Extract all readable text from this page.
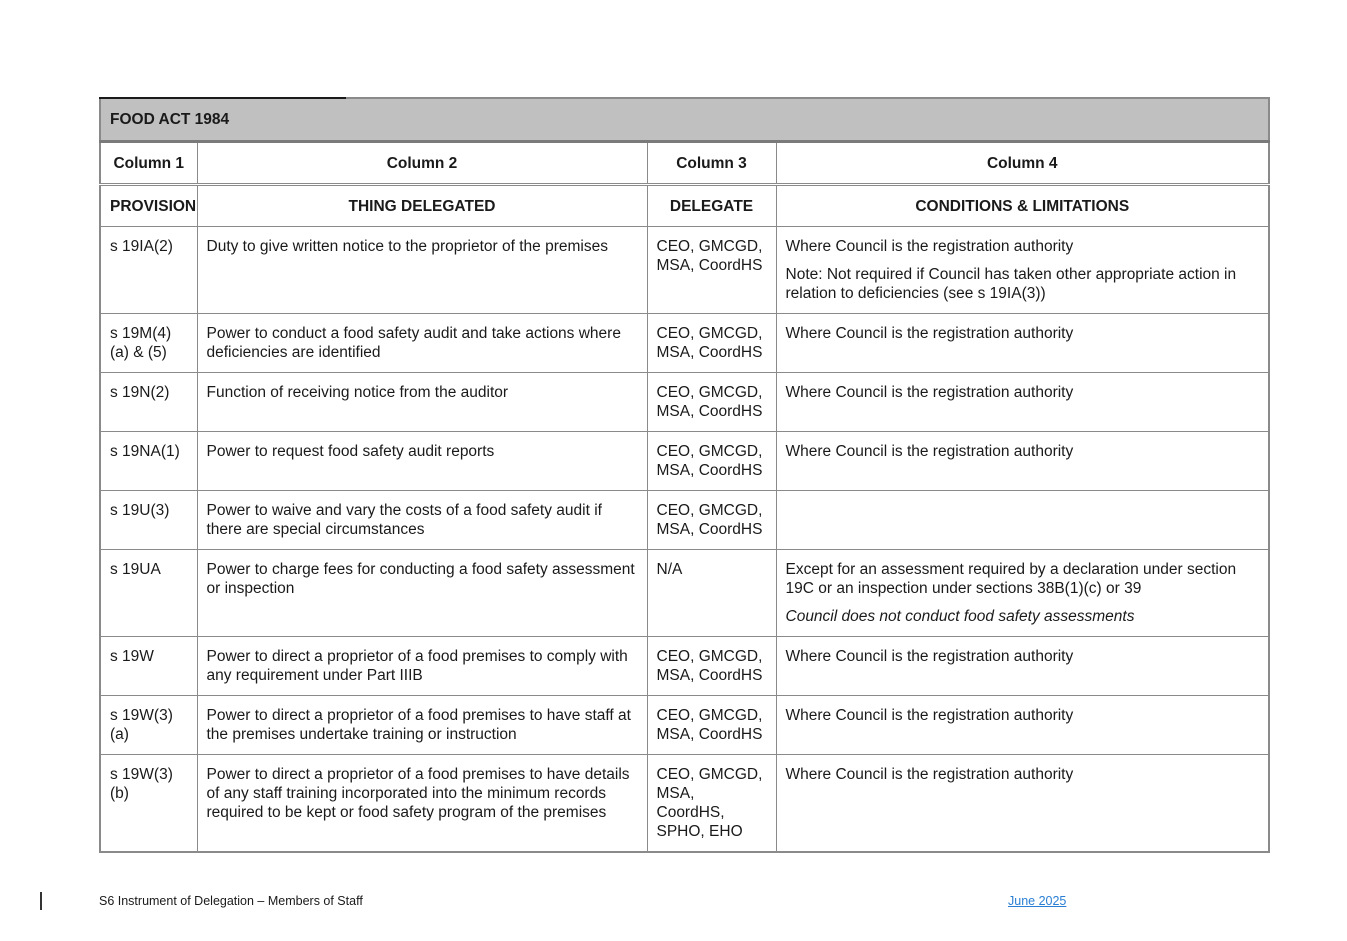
FOOD ACT 1984			
Column 1	Column 2	Column 3	Column 4
PROVISION	THING DELEGATED	DELEGATE	CONDITIONS & LIMITATIONS
s 19IA(2)	Duty to give written notice to the proprietor of the premises	CEO, GMCGD, MSA, CoordHS	Where Council is the registration authority

Note: Not required if Council has taken other appropriate action in relation to deficiencies (see s 19IA(3))

s 19M(4)(a) & (5)	Power to conduct a food safety audit and take actions where deficiencies are identified	CEO, GMCGD, MSA, CoordHS	Where Council is the registration authority

s 19N(2)	Function of receiving notice from the auditor	CEO, GMCGD, MSA, CoordHS	Where Council is the registration authority

s 19NA(1)	Power to request food safety audit reports	CEO, GMCGD, MSA, CoordHS	Where Council is the registration authority

s 19U(3)	Power to waive and vary the costs of a food safety audit if there are special circumstances	CEO, GMCGD, MSA, CoordHS	
s 19UA	Power to charge fees for conducting a food safety assessment or inspection	N/A	Except for an assessment required by a declaration under section 19C or an inspection under sections 38B(1)(c) or 39

Council does not conduct food safety assessments

s 19W	Power to direct a proprietor of a food premises to comply with any requirement under Part IIIB	CEO, GMCGD, MSA, CoordHS	Where Council is the registration authority

s 19W(3)(a)	Power to direct a proprietor of a food premises to have staff at the premises undertake training or instruction	CEO, GMCGD, MSA, CoordHS	Where Council is the registration authority

s 19W(3)(b)	Power to direct a proprietor of a food premises to have details of any staff training incorporated into the minimum records required to be kept or food safety program of the premises	CEO, GMCGD, MSA, CoordHS, SPHO, EHO	Where Council is the registration authority

S6 Instrument of Delegation – Members of Staff	June 2025
